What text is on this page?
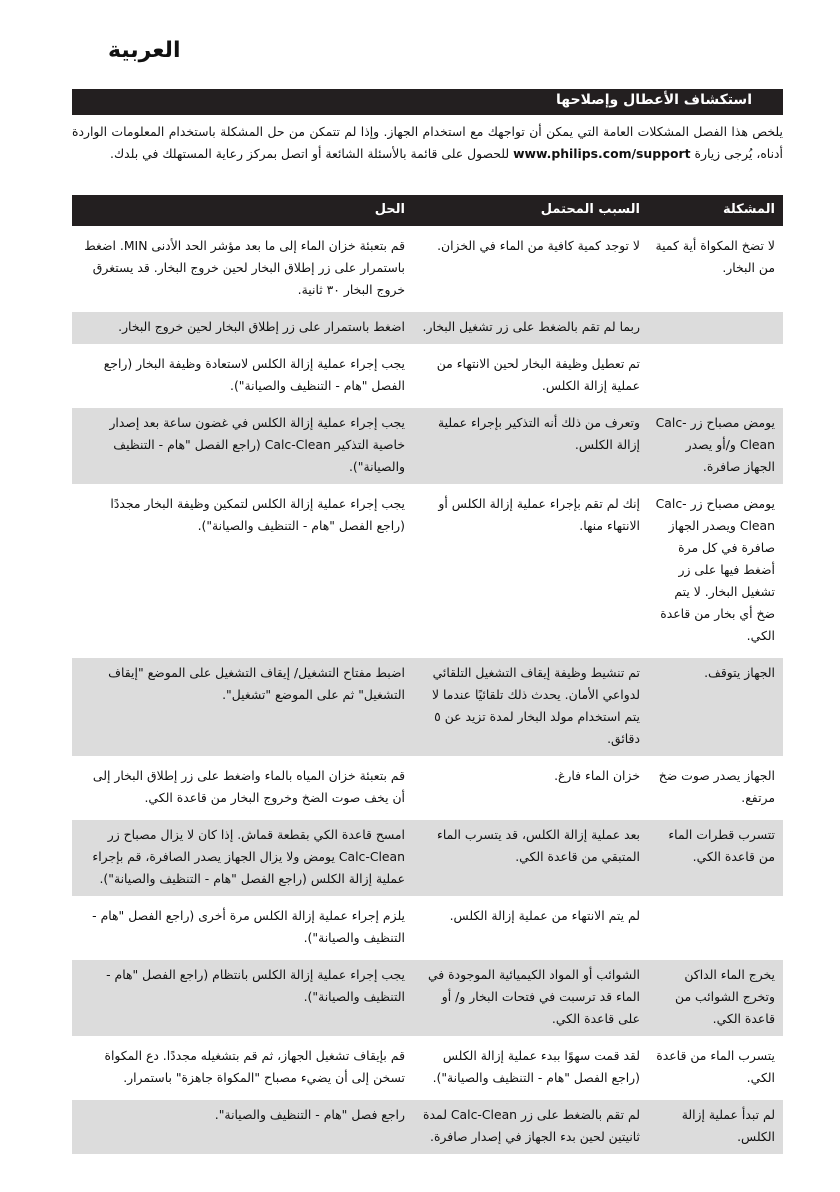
العربية
استكشاف الأعطال وإصلاحها
يلخص هذا الفصل المشكلات العامة التي يمكن أن تواجهك مع استخدام الجهاز. وإذا لم تتمكن من حل المشكلة باستخدام المعلومات الواردة أدناه، يُرجى زيارة www.philips.com/support للحصول على قائمة بالأسئلة الشائعة أو اتصل بمركز رعاية المستهلك في بلدك.
المشكلة	السبب المحتمل	الحل
لا تضخ المكواة أية كمية من البخار.	لا توجد كمية كافية من الماء في الخزان.	قم بتعبئة خزان الماء إلى ما بعد مؤشر الحد الأدنى MIN. اضغط باستمرار على زر إطلاق البخار لحين خروج البخار. قد يستغرق خروج البخار ٣٠ ثانية.
	ربما لم تقم بالضغط على زر تشغيل البخار.	اضغط باستمرار على زر إطلاق البخار لحين خروج البخار.
	تم تعطيل وظيفة البخار لحين الانتهاء من عملية إزالة الكلس.	يجب إجراء عملية إزالة الكلس لاستعادة وظيفة البخار (راجع الفصل "هام - التنظيف والصيانة").
يومض مصباح زر Calc-Clean و/أو يصدر الجهاز صافرة.	وتعرف من ذلك أنه التذكير بإجراء عملية إزالة الكلس.	يجب إجراء عملية إزالة الكلس في غضون ساعة بعد إصدار خاصية التذكير Calc-Clean (راجع الفصل "هام - التنظيف والصيانة").
يومض مصباح زر Calc-Clean ويصدر الجهاز صافرة في كل مرة أضغط فيها على زر تشغيل البخار. لا يتم ضخ أي بخار من قاعدة الكي.	إنك لم تقم بإجراء عملية إزالة الكلس أو الانتهاء منها.	يجب إجراء عملية إزالة الكلس لتمكين وظيفة البخار مجددًا (راجع الفصل "هام - التنظيف والصيانة").
الجهاز يتوقف.	تم تنشيط وظيفة إيقاف التشغيل التلقائي لدواعي الأمان. يحدث ذلك تلقائيًا عندما لا يتم استخدام مولد البخار لمدة تزيد عن ٥ دقائق.	اضبط مفتاح التشغيل/ إيقاف التشغيل على الموضع "إيقاف التشغيل" ثم على الموضع "تشغيل".
الجهاز يصدر صوت ضخ مرتفع.	خزان الماء فارغ.	قم بتعبئة خزان المياه بالماء واضغط على زر إطلاق البخار إلى أن يخف صوت الضخ وخروج البخار من قاعدة الكي.
تتسرب قطرات الماء من قاعدة الكي.	بعد عملية إزالة الكلس، قد يتسرب الماء المتبقي من قاعدة الكي.	امسح قاعدة الكي بقطعة قماش. إذا كان لا يزال مصباح زر Calc-Clean يومض ولا يزال الجهاز يصدر الصافرة، قم بإجراء عملية إزالة الكلس (راجع الفصل "هام - التنظيف والصيانة").
	لم يتم الانتهاء من عملية إزالة الكلس.	يلزم إجراء عملية إزالة الكلس مرة أخرى (راجع الفصل "هام - التنظيف والصيانة").
يخرج الماء الداكن وتخرج الشوائب من قاعدة الكي.	الشوائب أو المواد الكيميائية الموجودة في الماء قد ترسبت في فتحات البخار و/ أو على قاعدة الكي.	يجب إجراء عملية إزالة الكلس بانتظام (راجع الفصل "هام - التنظيف والصيانة").
يتسرب الماء من قاعدة الكي.	لقد قمت سهوًا ببدء عملية إزالة الكلس (راجع الفصل "هام - التنظيف والصيانة").	قم بإيقاف تشغيل الجهاز، ثم قم بتشغيله مجددًا. دع المكواة تسخن إلى أن يضيء مصباح "المكواة جاهزة" باستمرار.
لم تبدأ عملية إزالة الكلس.	لم تقم بالضغط على زر Calc-Clean لمدة ثانيتين لحين بدء الجهاز في إصدار صافرة.	راجع فصل "هام - التنظيف والصيانة".
